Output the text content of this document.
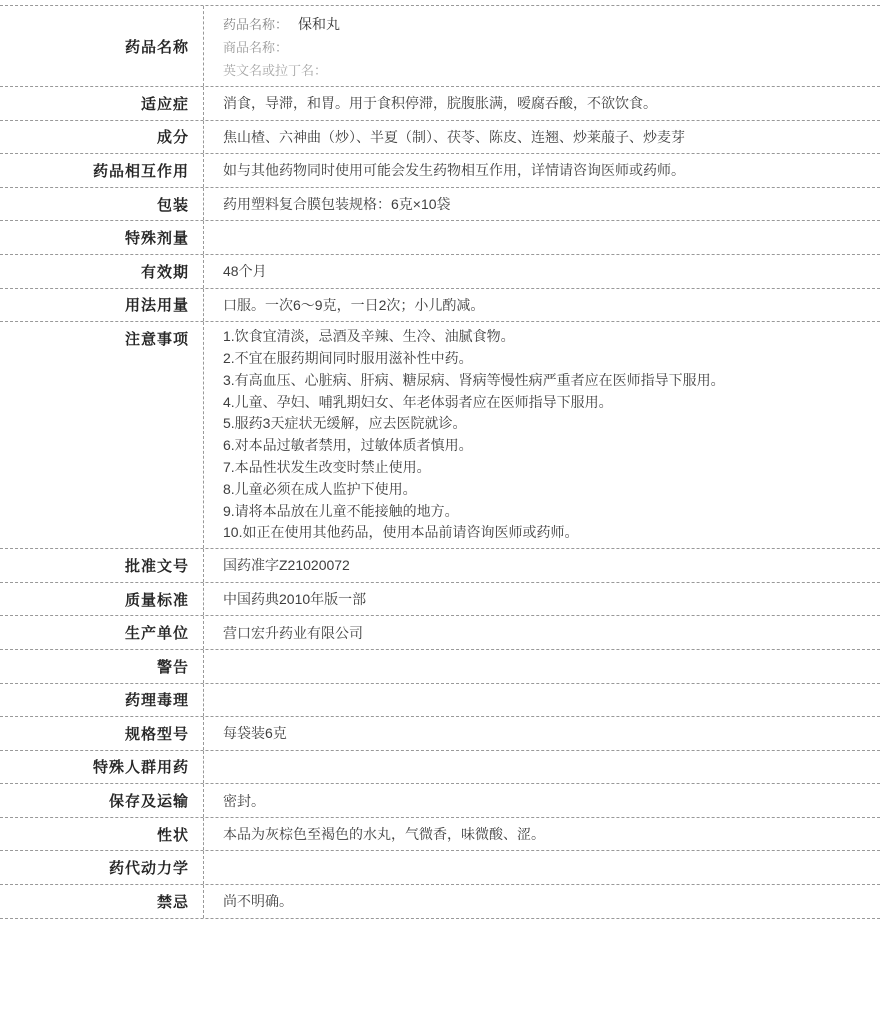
药品名称
药品名称： 保和丸
商品名称：
英文名或拉丁名：
适应症	消食，导滞，和胃。用于食积停滞，脘腹胀满，嗳腐吞酸，不欲饮食。
成分	焦山楂、六神曲（炒）、半夏（制）、茯苓、陈皮、连翘、炒莱菔子、炒麦芽
药品相互作用	如与其他药物同时使用可能会发生药物相互作用，详情请咨询医师或药师。
包装	药用塑料复合膜包装规格：6克×10袋
特殊剂量
有效期	48个月
用法用量	口服。一次6～9克，一日2次；小儿酌减。
注意事项	1.饮食宜清淡，忌酒及辛辣、生冷、油腻食物。
2.不宜在服药期间同时服用滋补性中药。
3.有高血压、心脏病、肝病、糖尿病、肾病等慢性病严重者应在医师指导下服用。
4.儿童、孕妇、哺乳期妇女、年老体弱者应在医师指导下服用。
5.服药3天症状无缓解，应去医院就诊。
6.对本品过敏者禁用，过敏体质者慎用。
7.本品性状发生改变时禁止使用。
8.儿童必须在成人监护下使用。
9.请将本品放在儿童不能接触的地方。
10.如正在使用其他药品，使用本品前请咨询医师或药师。
批准文号	国药准字Z21020072
质量标准	中国药典2010年版一部
生产单位	营口宏升药业有限公司
警告
药理毒理
规格型号	每袋装6克
特殊人群用药
保存及运输	密封。
性状	本品为灰棕色至褐色的水丸，气微香，味微酸、涩。
药代动力学
禁忌	尚不明确。
